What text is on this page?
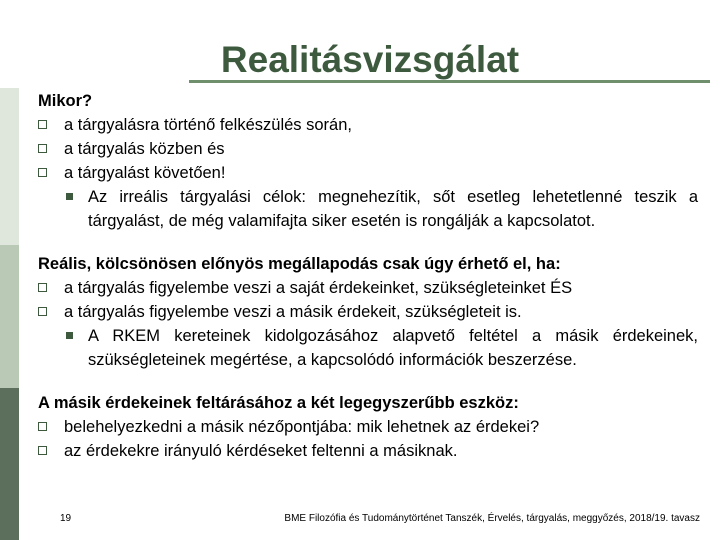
Realitásvizsgálat
Mikor?
a tárgyalásra történő felkészülés során,
a tárgyalás közben és
a tárgyalást követően!
Az irreális tárgyalási célok: megnehezítik, sőt esetleg lehetetlenné teszik a tárgyalást, de még valamifajta siker esetén is rongálják a kapcsolatot.
Reális, kölcsönösen előnyös megállapodás csak úgy érhető el, ha:
a tárgyalás figyelembe veszi a saját érdekeinket, szükségleteinket ÉS
a tárgyalás figyelembe veszi a másik érdekeit, szükségleteit is.
A RKEM kereteinek kidolgozásához alapvető feltétel a másik érdekeinek, szükségleteinek megértése, a kapcsolódó információk beszerzése.
A másik érdekeinek feltárásához a két legegyszerűbb eszköz:
belehelyezkedni a másik nézőpontjába: mik lehetnek az érdekei?
az érdekekre irányuló kérdéseket feltenni a másiknak.
19	BME Filozófia és Tudománytörténet Tanszék, Érvelés, tárgyalás, meggyőzés, 2018/19. tavasz
